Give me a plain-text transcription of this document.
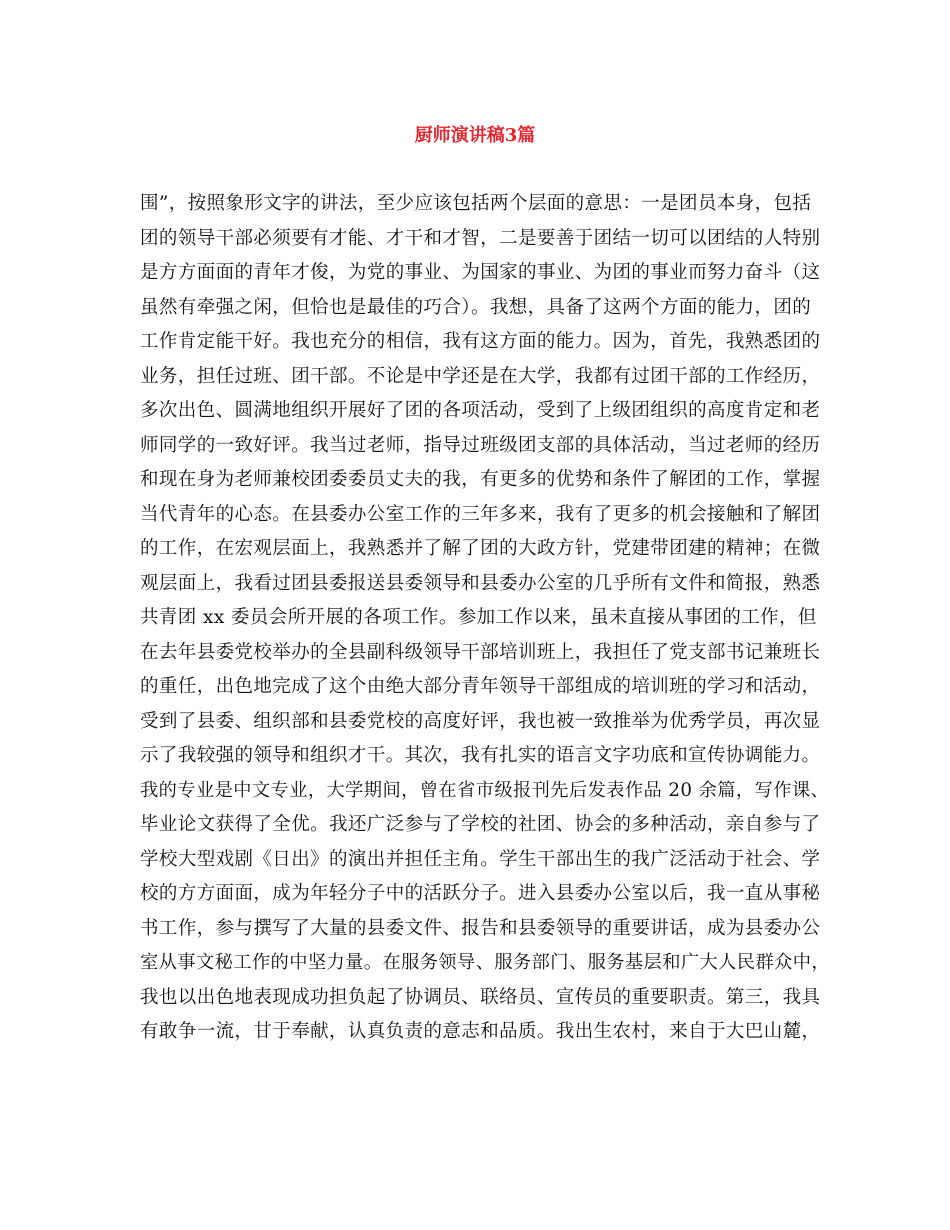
厨师演讲稿3篇
围”，按照象形文字的讲法，至少应该包括两个层面的意思：一是团员本身，包括
团的领导干部必须要有才能、才干和才智，二是要善于团结一切可以团结的人特别
是方方面面的青年才俊，为党的事业、为国家的事业、为团的事业而努力奋斗（这
虽然有牵强之闲，但恰也是最佳的巧合）。我想，具备了这两个方面的能力，团的
工作肯定能干好。我也充分的相信，我有这方面的能力。因为，首先，我熟悉团的
业务，担任过班、团干部。不论是中学还是在大学，我都有过团干部的工作经历，
多次出色、圆满地组织开展好了团的各项活动，受到了上级团组织的高度肯定和老
师同学的一致好评。我当过老师，指导过班级团支部的具体活动，当过老师的经历
和现在身为老师兼校团委委员丈夫的我，有更多的优势和条件了解团的工作，掌握
当代青年的心态。在县委办公室工作的三年多来，我有了更多的机会接触和了解团
的工作，在宏观层面上，我熟悉并了解了团的大政方针，党建带团建的精神；在微
观层面上，我看过团县委报送县委领导和县委办公室的几乎所有文件和简报，熟悉
共青团 xx 委员会所开展的各项工作。参加工作以来，虽未直接从事团的工作，但
在去年县委党校举办的全县副科级领导干部培训班上，我担任了党支部书记兼班长
的重任，出色地完成了这个由绝大部分青年领导干部组成的培训班的学习和活动，
受到了县委、组织部和县委党校的高度好评，我也被一致推举为优秀学员，再次显
示了我较强的领导和组织才干。其次，我有扎实的语言文字功底和宣传协调能力。
我的专业是中文专业，大学期间，曾在省市级报刊先后发表作品 20 余篇，写作课、
毕业论文获得了全优。我还广泛参与了学校的社团、协会的多种活动，亲自参与了
学校大型戏剧《日出》的演出并担任主角。学生干部出生的我广泛活动于社会、学
校的方方面面，成为年轻分子中的活跃分子。进入县委办公室以后，我一直从事秘
书工作，参与撰写了大量的县委文件、报告和县委领导的重要讲话，成为县委办公
室从事文秘工作的中坚力量。在服务领导、服务部门、服务基层和广大人民群众中，
我也以出色地表现成功担负起了协调员、联络员、宣传员的重要职责。第三，我具
有敢争一流，甘于奉献，认真负责的意志和品质。我出生农村，来自于大巴山麓，
